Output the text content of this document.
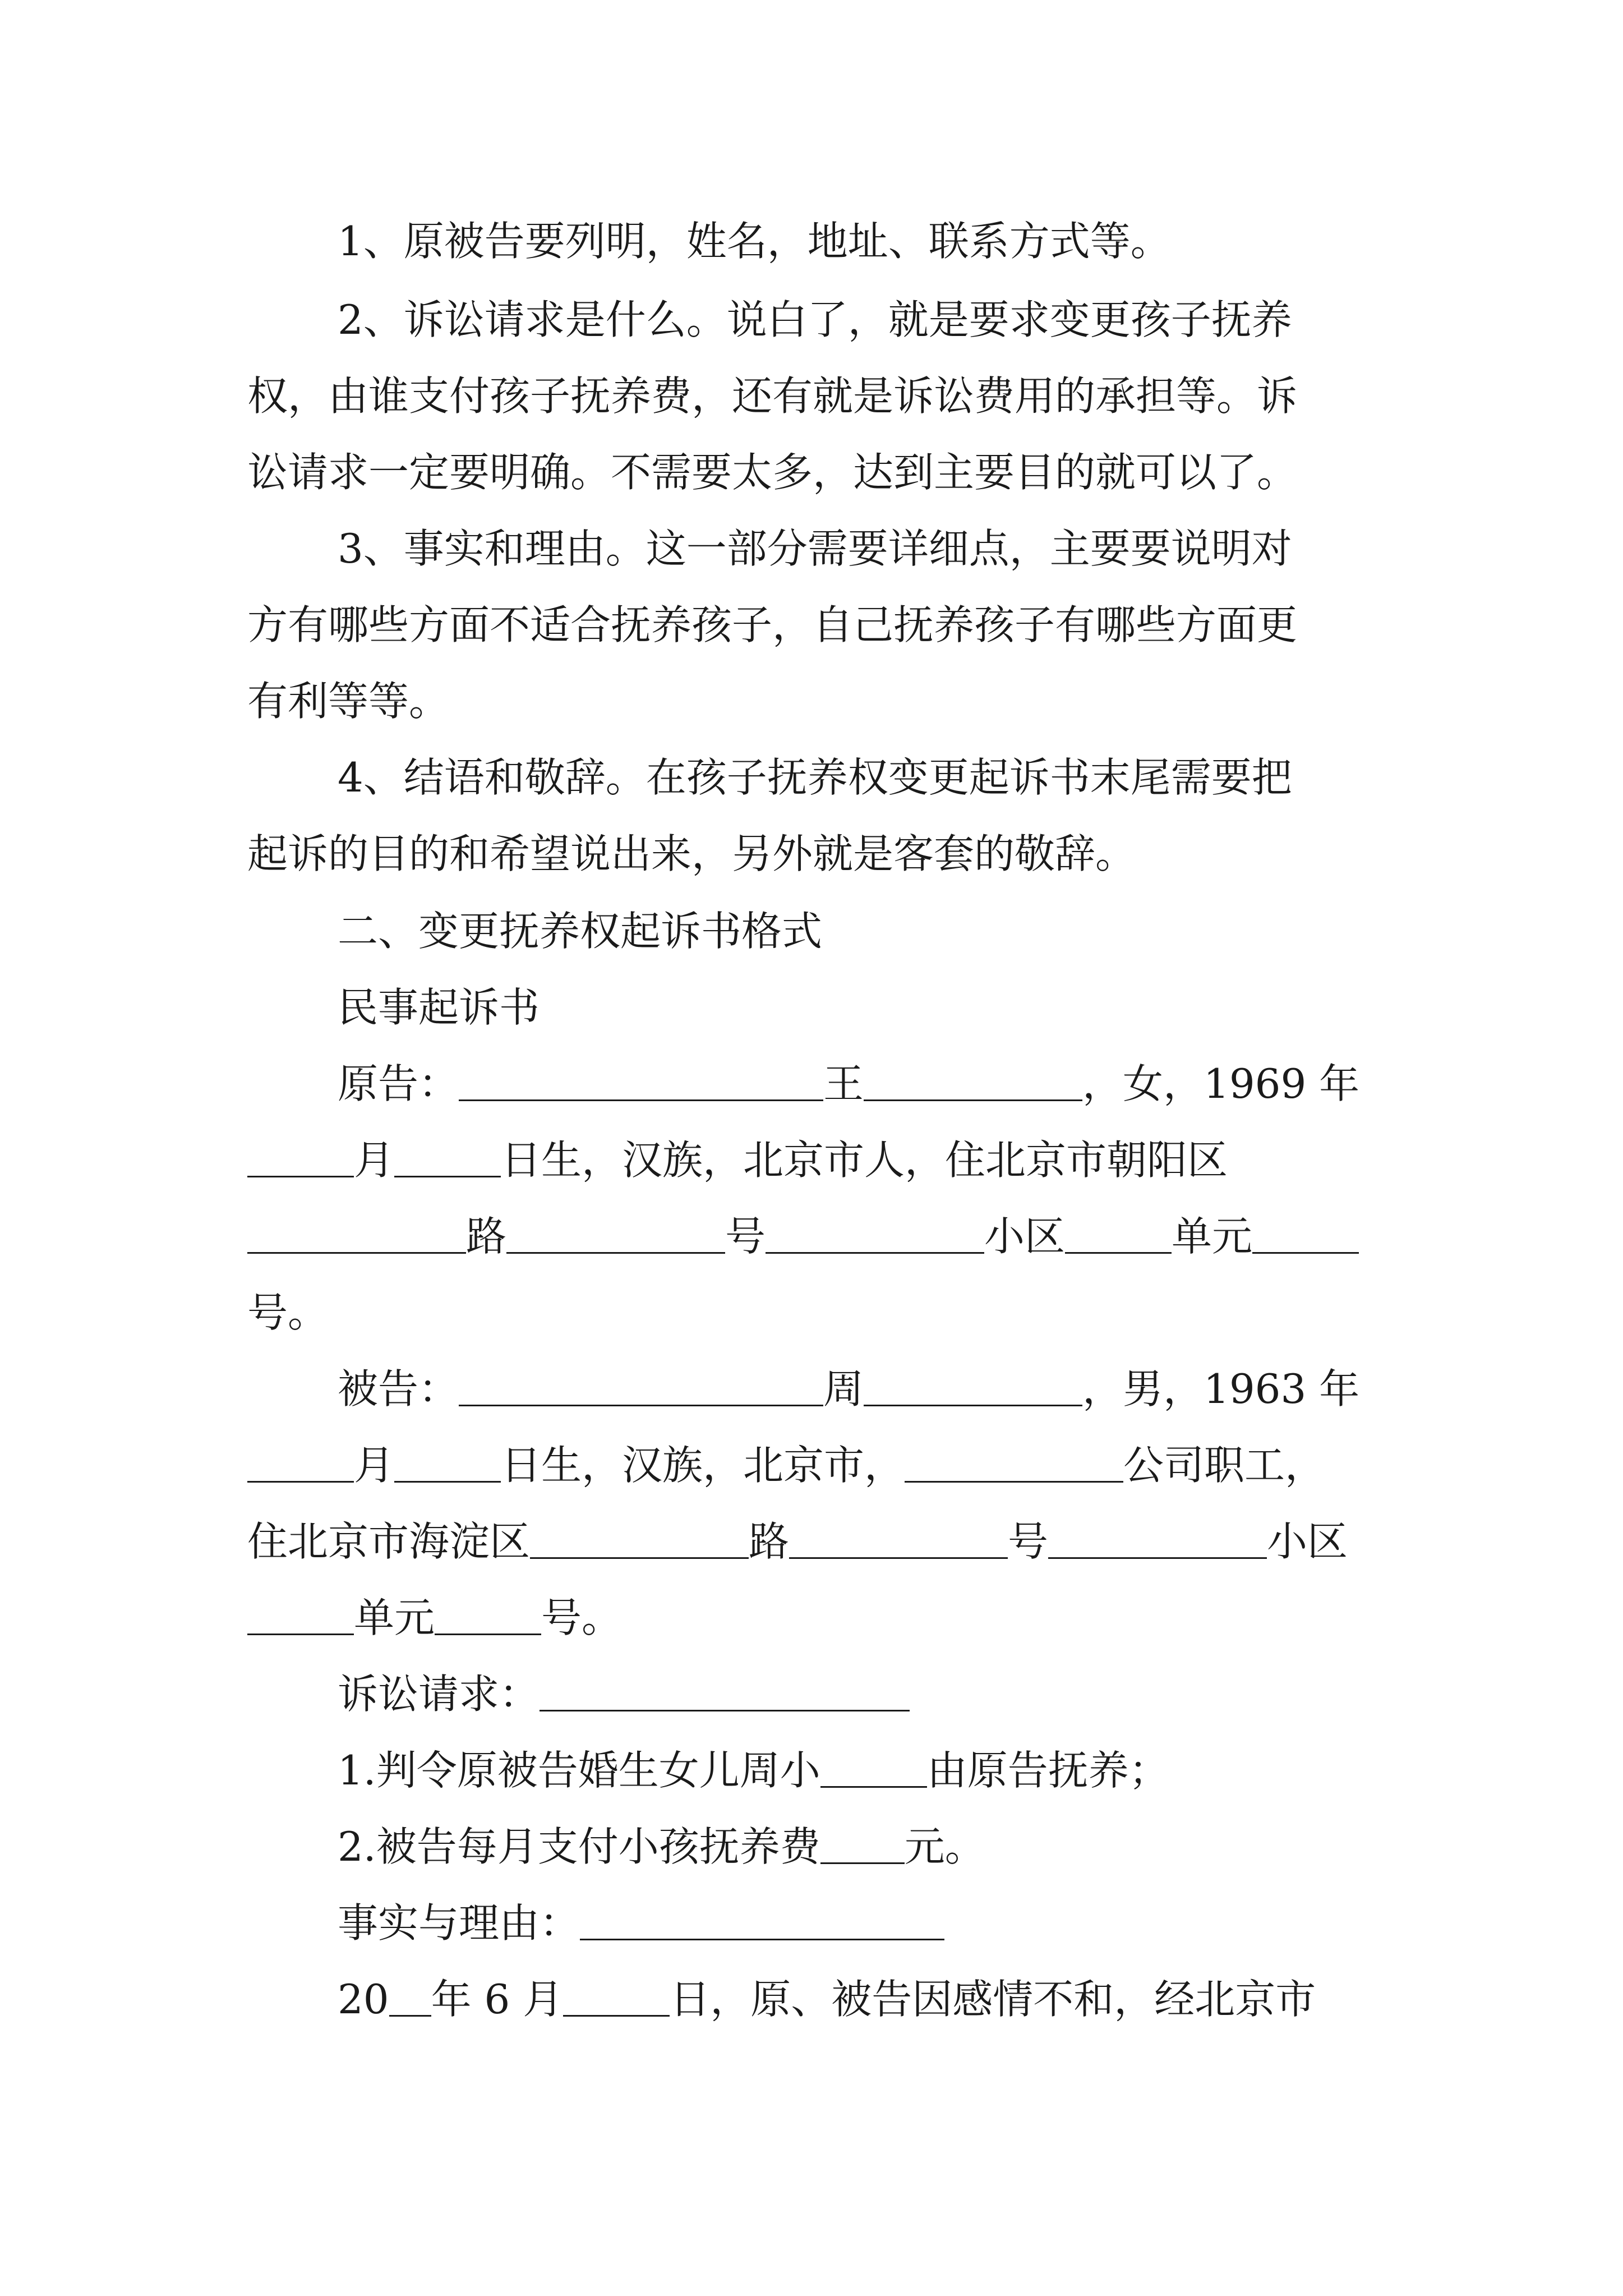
1、原被告要列明，姓名，地址、联系方式等。
2、诉讼请求是什么。说白了，就是要求变更孩子抚养
权，由谁支付孩子抚养费，还有就是诉讼费用的承担等。诉
讼请求一定要明确。不需要太多，达到主要目的就可以了。
3、事实和理由。这一部分需要详细点，主要要说明对
方有哪些方面不适合抚养孩子，自己抚养孩子有哪些方面更
有利等等。
4、结语和敬辞。在孩子抚养权变更起诉书末尾需要把
起诉的目的和希望说出来，另外就是客套的敬辞。
二、变更抚养权起诉书格式
民事起诉书
原告：	王	，女，1969 年
月	日生，汉族，北京市人，住北京市朝阳区
路	号	小区	单元
号。
被告：	周	，男，1963 年
月	日生，汉族，北京市，	公司职工，
住北京市海淀区	路	号	小区
单元	号。
诉讼请求：
1.判令原被告婚生女儿周小	由原告抚养；
2.被告每月支付小孩抚养费元。
事实与理由：
20 年 6 月	日，原、被告因感情不和，经北京市
